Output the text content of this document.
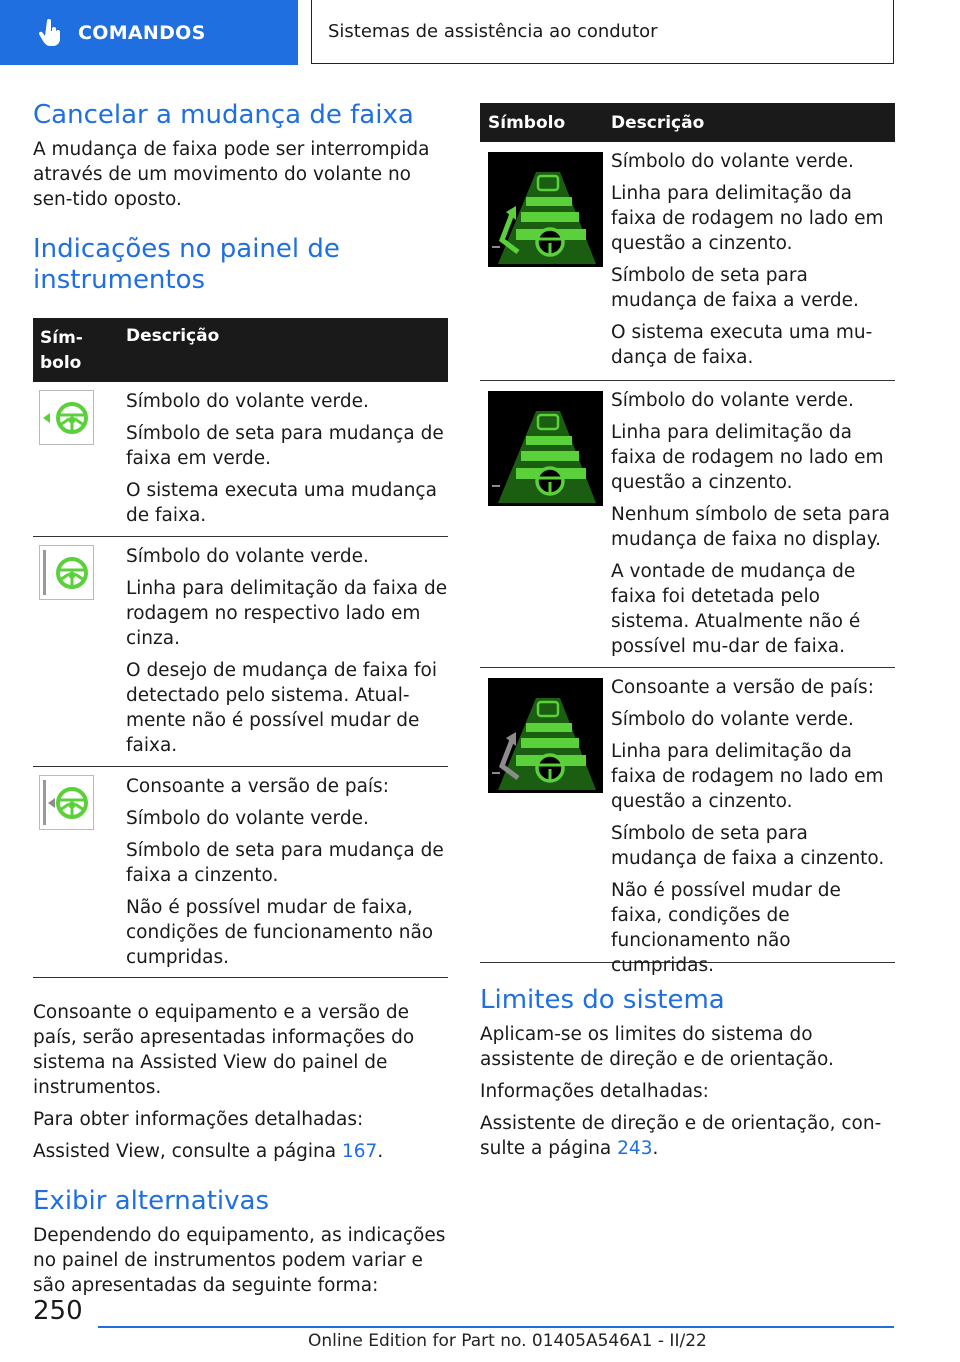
COMANDOS	Sistemas de assistência ao condutor
Cancelar a mudança de faixa

A mudança de faixa pode ser interrompida através de um movimento do volante no sen-tido oposto.

Indicações no painel de instrumentos
Sím-bolo
Descrição

Símbolo do volante verde.

Símbolo de seta para mudança de faixa em verde.

O sistema executa uma mudança de faixa.

Símbolo do volante verde.

Linha para delimitação da faixa de rodagem no respectivo lado em cinza.

O desejo de mudança de faixa foi detectado pelo sistema. Atual-mente não é possível mudar de faixa.

Consoante a versão de país:

Símbolo do volante verde.

Símbolo de seta para mudança de faixa a cinzento.

Não é possível mudar de faixa, condições de funcionamento não cumpridas.

Consoante o equipamento e a versão de país, serão apresentadas informações do sistema na Assisted View do painel de instrumentos.

Para obter informações detalhadas:

Assisted View, consulte a página 167.

Exibir alternativas

Dependendo do equipamento, as indicações no painel de instrumentos podem variar e são apresentadas da seguinte forma:

Símbolo	Descrição

Símbolo do volante verde.

Linha para delimitação da faixa de rodagem no lado em questão a cinzento.

Símbolo de seta para mudança de faixa a verde.

O sistema executa uma mu-dança de faixa.

Símbolo do volante verde.

Linha para delimitação da faixa de rodagem no lado em questão a cinzento.

Nenhum símbolo de seta para mudança de faixa no display.

A vontade de mudança de faixa foi detetada pelo sistema. Atualmente não é possível mu-dar de faixa.

Consoante a versão de país:

Símbolo do volante verde.

Linha para delimitação da faixa de rodagem no lado em questão a cinzento.

Símbolo de seta para mudança de faixa a cinzento.

Não é possível mudar de faixa, condições de funcionamento não cumpridas.

Limites do sistema

Aplicam-se os limites do sistema do assistente de direção e de orientação.

Informações detalhadas:

Assistente de direção e de orientação, con-sulte a página 243.

250
Online Edition for Part no. 01405A546A1 - II/22
